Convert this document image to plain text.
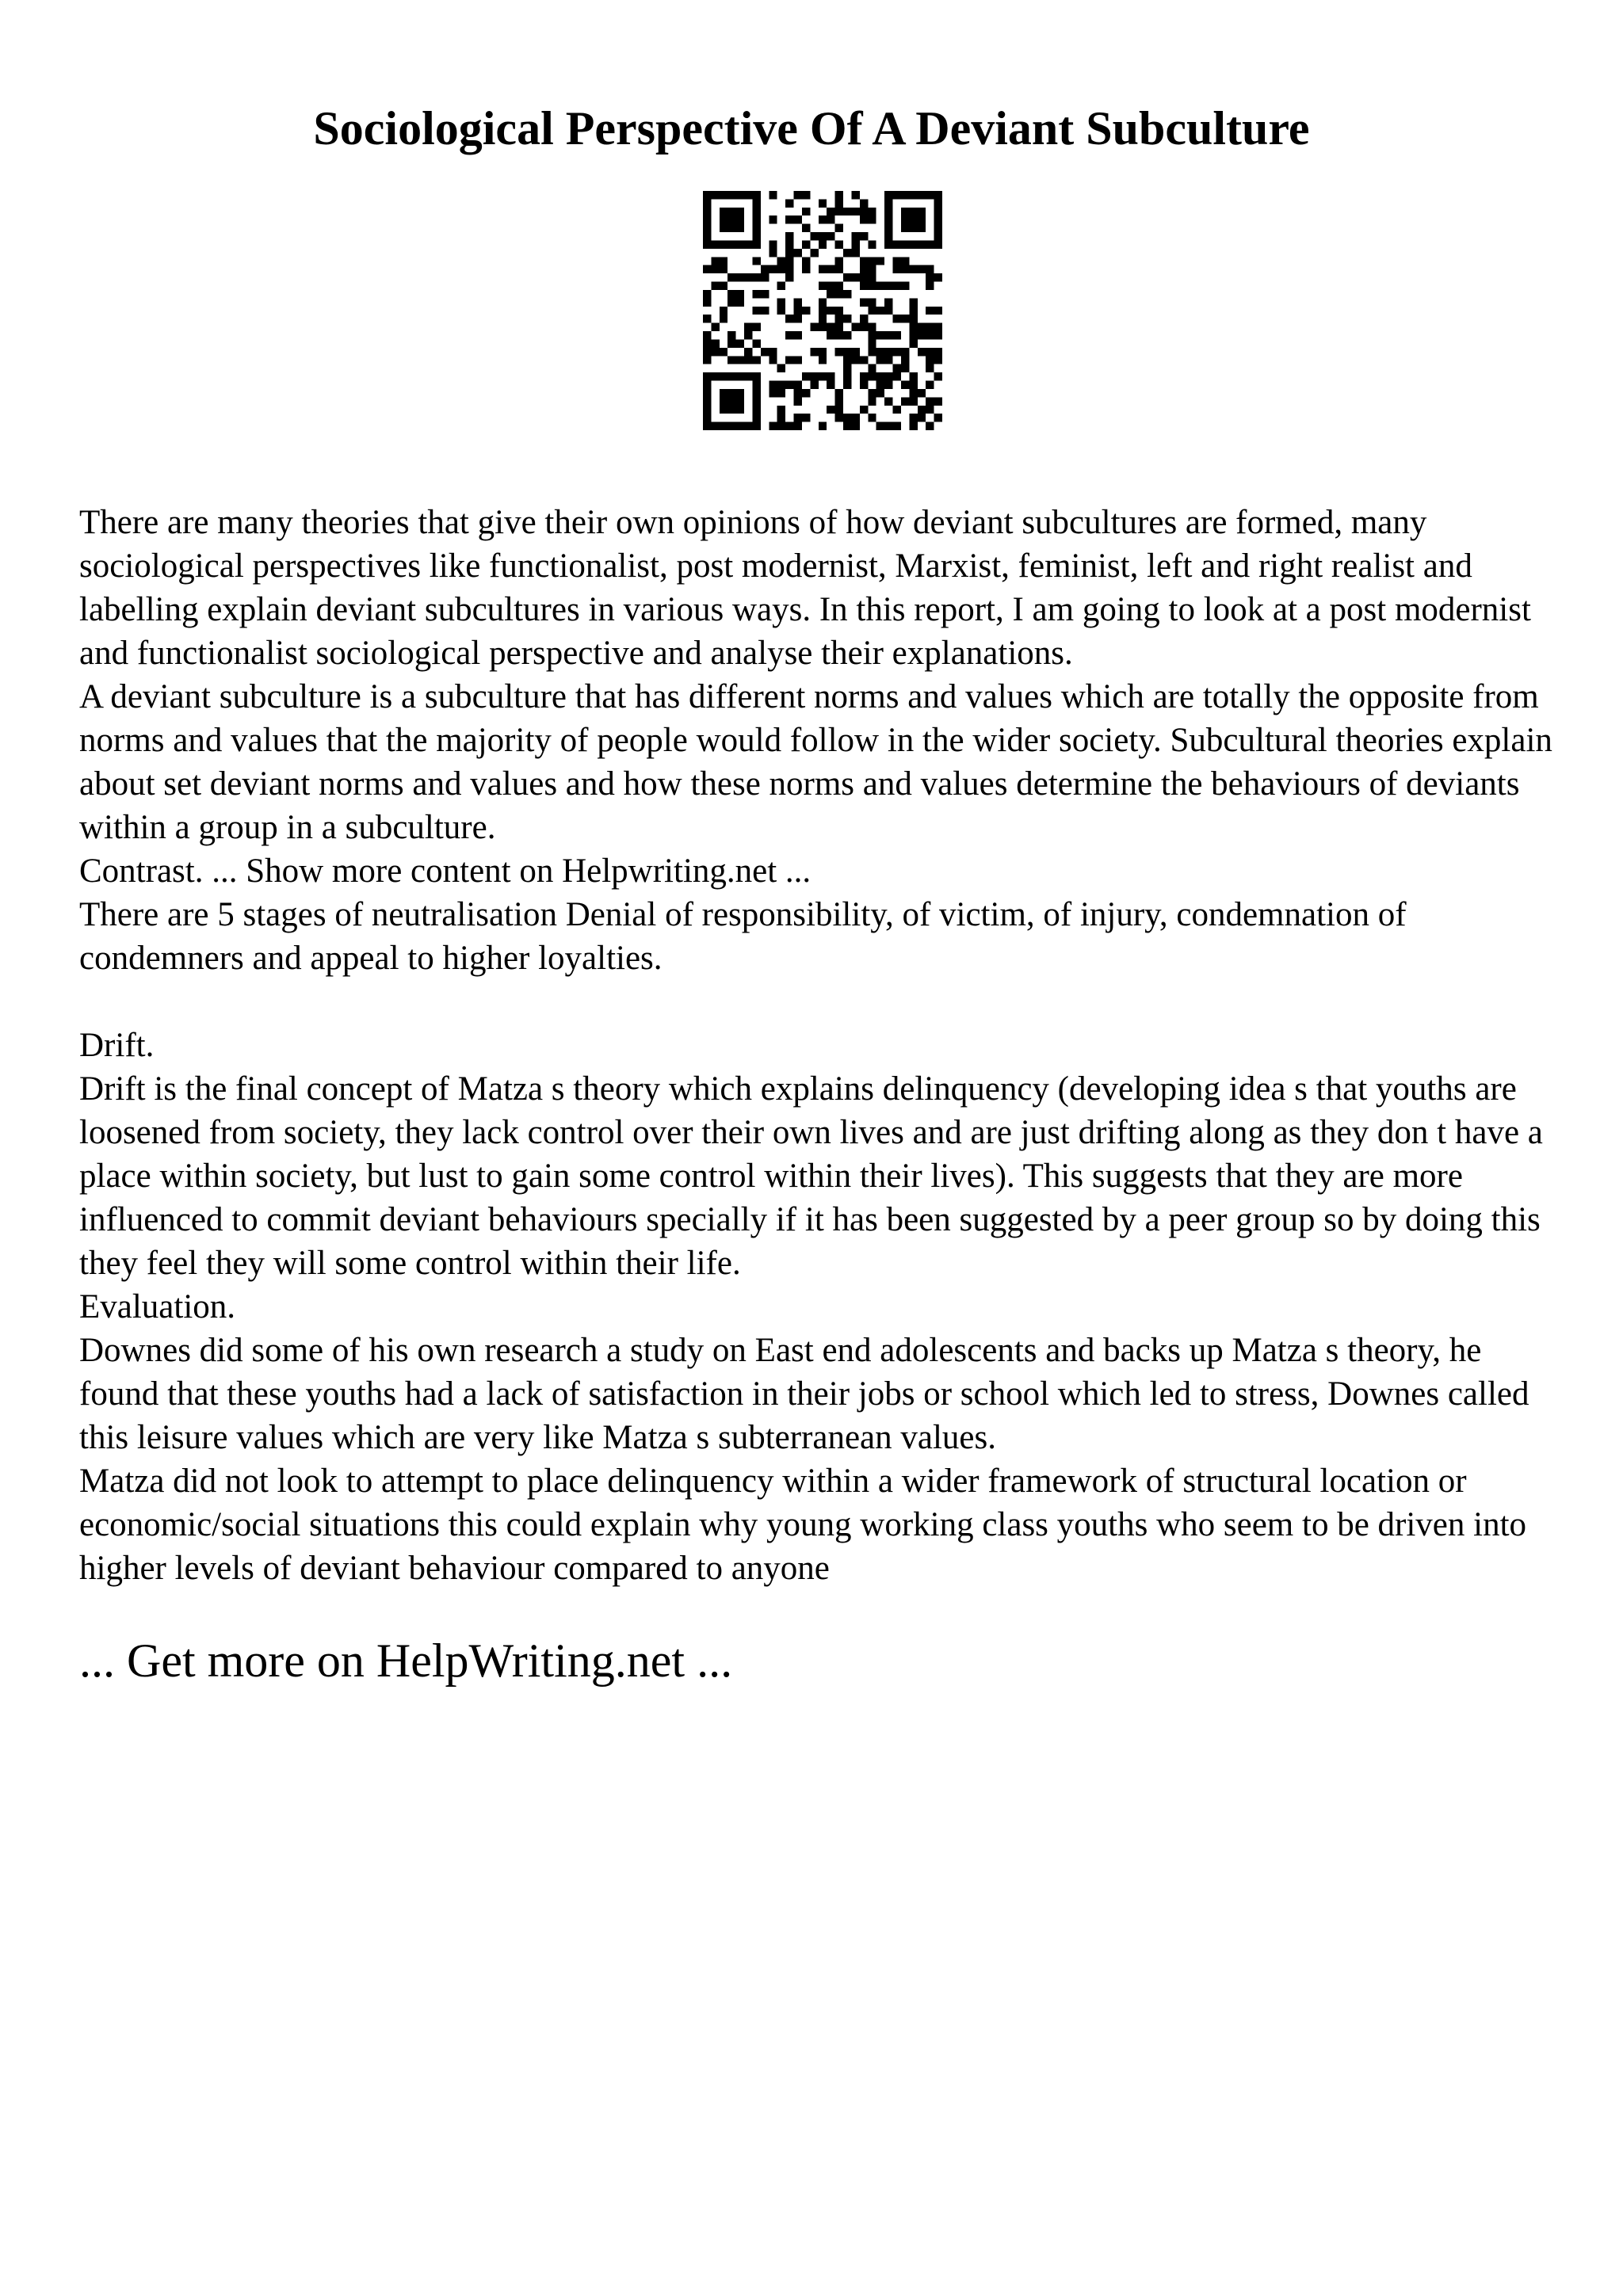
Sociological Perspective Of A Deviant Subculture

There are many theories that give their own opinions of how deviant subcultures are formed, many sociological perspectives like functionalist, post modernist, Marxist, feminist, left and right realist and labelling explain deviant subcultures in various ways. In this report, I am going to look at a post modernist and functionalist sociological perspective and analyse their explanations.

A deviant subculture is a subculture that has different norms and values which are totally the opposite from norms and values that the majority of people would follow in the wider society. Subcultural theories explain about set deviant norms and values and how these norms and values determine the behaviours of deviants within a group in a subculture.

Contrast. ... Show more content on Helpwriting.net ...

There are 5 stages of neutralisation Denial of responsibility, of victim, of injury, condemnation of condemners and appeal to higher loyalties.

Drift.

Drift is the final concept of Matza s theory which explains delinquency (developing idea s that youths are loosened from society, they lack control over their own lives and are just drifting along as they don t have a place within society, but lust to gain some control within their lives). This suggests that they are more influenced to commit deviant behaviours specially if it has been suggested by a peer group so by doing this they feel they will some control within their life.

Evaluation.

Downes did some of his own research a study on East end adolescents and backs up Matza s theory, he found that these youths had a lack of satisfaction in their jobs or school which led to stress, Downes called this leisure values which are very like Matza s subterranean values.

Matza did not look to attempt to place delinquency within a wider framework of structural location or economic/social situations this could explain why young working class youths who seem to be driven into higher levels of deviant behaviour compared to anyone

... Get more on HelpWriting.net ...
